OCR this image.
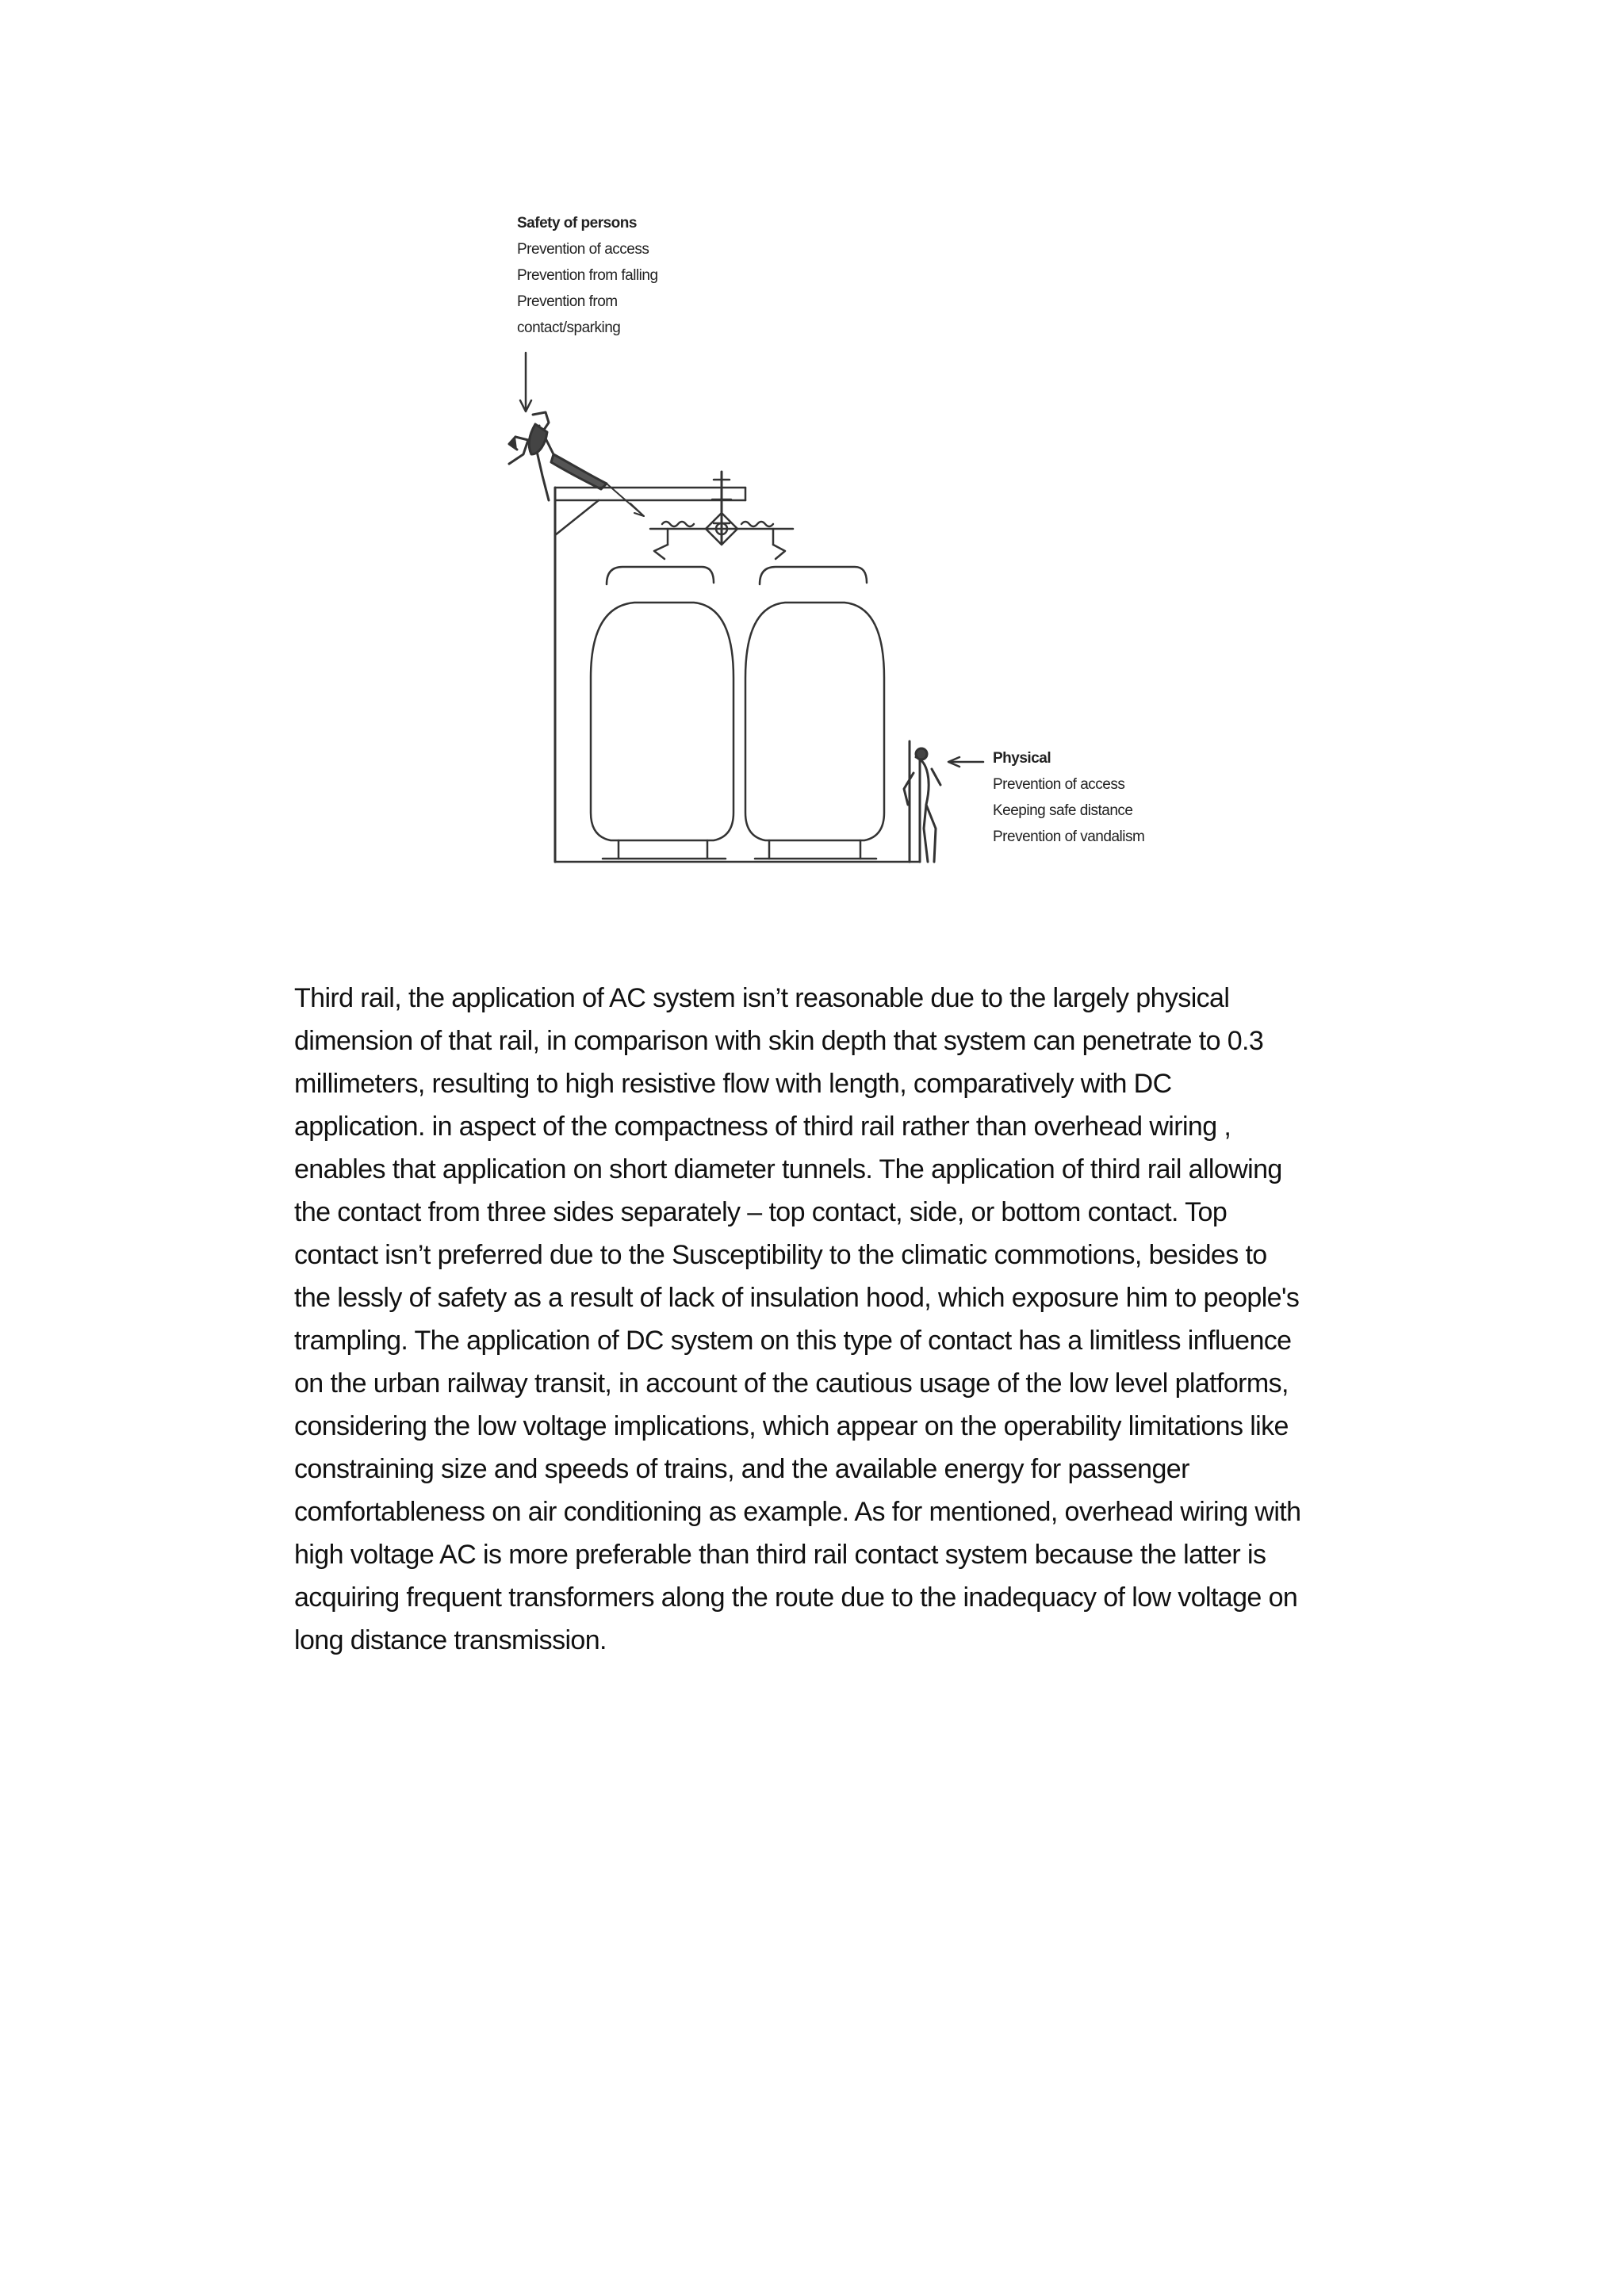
Safety of persons
Prevention of access
Prevention from falling
Prevention from
contact/sparking
Physical
Prevention of access
Keeping safe distance
Prevention of vandalism
Third rail, the application of AC system isn’t reasonable due to the largely physical
dimension of that rail, in comparison with skin depth that system can penetrate to 0.3
millimeters, resulting to high resistive flow with length, comparatively with DC
application. in aspect of the compactness of third rail rather than overhead wiring ,
enables that application on short diameter tunnels. The application of third rail allowing
the contact from three sides separately – top contact, side, or bottom contact. Top
contact isn’t preferred due to the Susceptibility to the climatic commotions, besides to
the lessly of safety as a result of lack of insulation hood, which exposure him to people's
trampling. The application of DC system on this type of contact has a limitless influence
on the urban railway transit, in account of the cautious usage of the low level platforms,
considering the low voltage implications, which appear on the operability limitations like
constraining size and speeds of trains, and the available energy for passenger
comfortableness on air conditioning as example. As for mentioned, overhead wiring with
high voltage AC is more preferable than third rail contact system because the latter is
acquiring frequent transformers along the route due to the inadequacy of low voltage on
long distance transmission.
